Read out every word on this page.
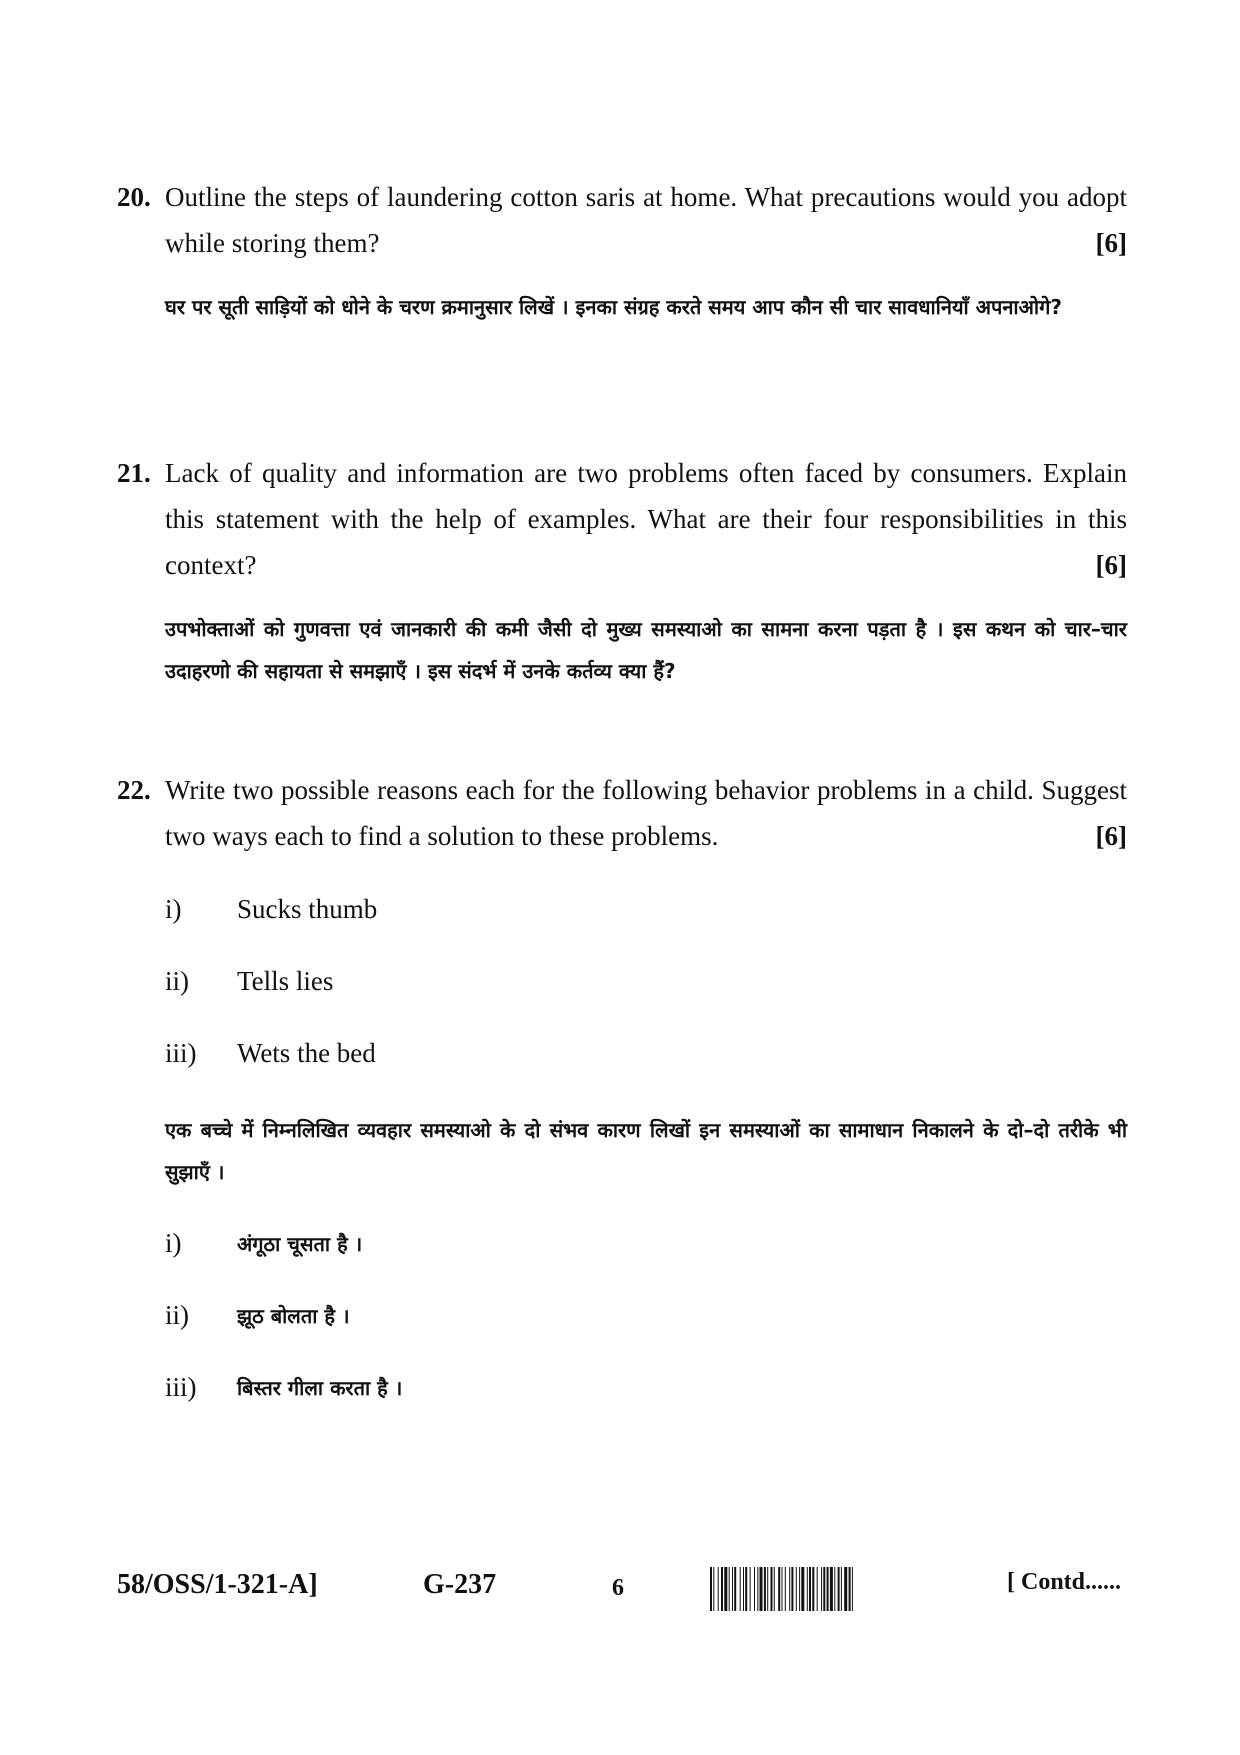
20. Outline the steps of laundering cotton saris at home. What precautions would you adopt while storing them?	[6]
घर पर सूती साड़ियों को धोने के चरण क्रमानुसार लिखें । इनका संग्रह करते समय आप कौन सी चार सावधानियाँ अपनाओगे?
21. Lack of quality and information are two problems often faced by consumers. Explain this statement with the help of examples. What are their four responsibilities in this context?	[6]
उपभोक्ताओं को गुणवत्ता एवं जानकारी की कमी जैसी दो मुख्य समस्याओ का सामना करना पड़ता है । इस कथन को चार–चार उदाहरणो की सहायता से समझाएँ । इस संदर्भ में उनके कर्तव्य क्या हैं?
22. Write two possible reasons each for the following behavior problems in a child. Suggest two ways each to find a solution to these problems.	[6]
i)	Sucks thumb
ii)	Tells lies
iii)	Wets the bed
एक बच्चे में निम्नलिखित व्यवहार समस्याओ के दो संभव कारण लिखों इन समस्याओं का सामाधान निकालने के दो–दो तरीके भी सुझाएँ ।
i)	अंगूठा चूसता है ।
ii)	झूठ बोलता है ।
iii)	बिस्तर गीला करता है ।
58/OSS/1-321-A]	G-237	6	[ Contd......
